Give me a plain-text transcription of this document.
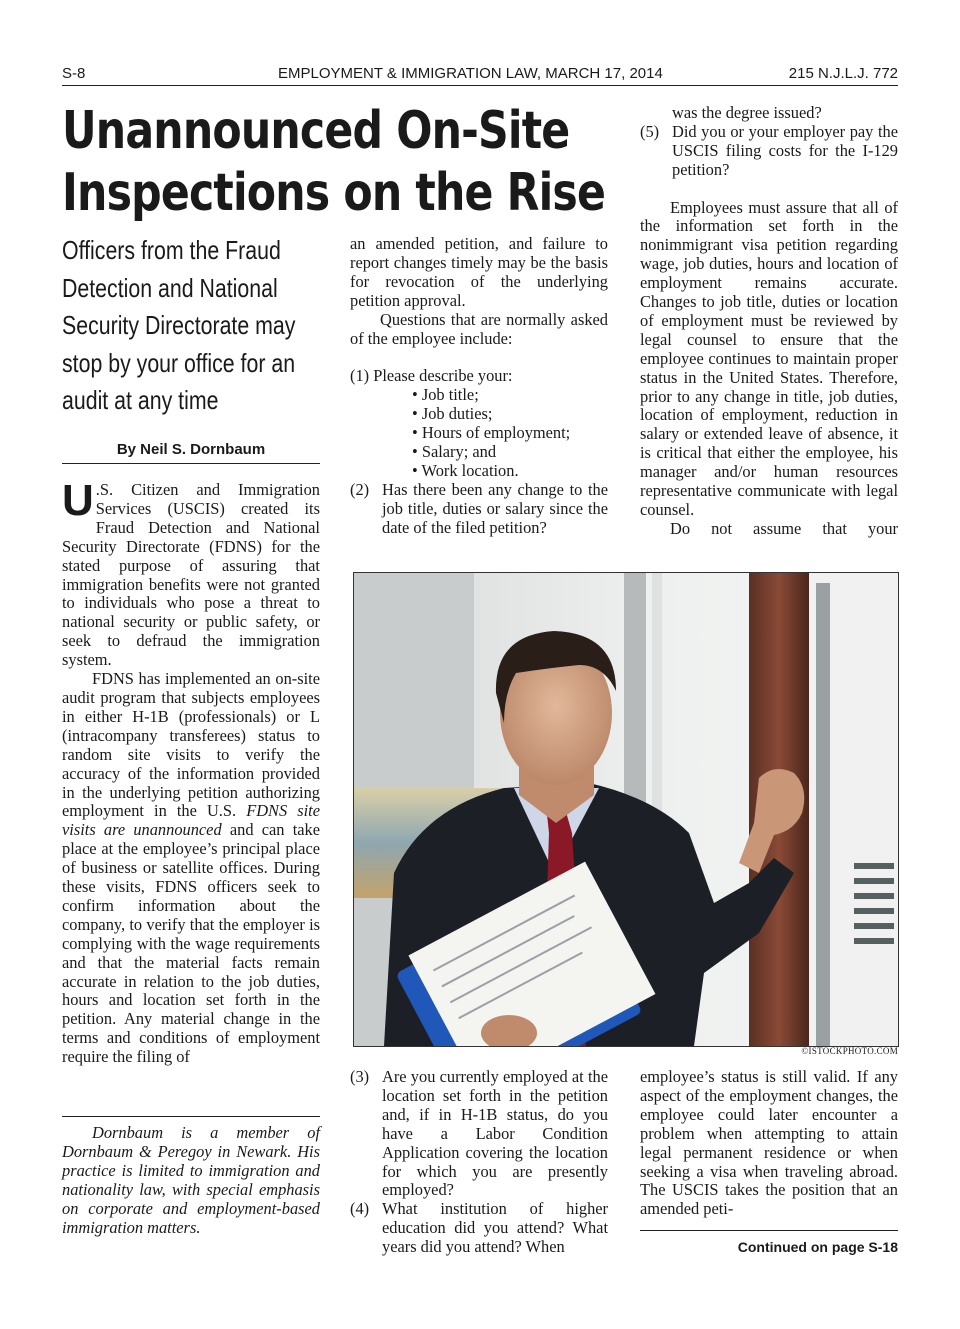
S-8	EMPLOYMENT & IMMIGRATION LAW, MARCH 17, 2014	215 N.J.L.J. 772
Unannounced On-Site
Inspections on the Rise
Officers from the Fraud
Detection and National
Security Directorate may
stop by your office for an
audit at any time
By Neil S. Dornbaum

U .S. Citizen and Immigration Services (USCIS) created its Fraud Detection and National Security Directorate (FDNS) for the stated purpose of assuring that immigration benefits were not granted to individuals who pose a threat to national security or public safety, or seek to defraud the immigration system.

FDNS has implemented an on-site audit program that subjects employees in either H-1B (professionals) or L (intracompany transferees) status to random site visits to verify the accuracy of the information provided in the underlying petition authorizing employment in the U.S. FDNS site visits are unannounced and can take place at the employee’s principal place of business or satellite offices. During these visits, FDNS officers seek to confirm information about the company, to verify that the employer is complying with the wage requirements and that the material facts remain accurate in relation to the job duties, hours and location set forth in the petition. Any material change in the terms and conditions of employment require the filing of

Dornbaum is a member of Dornbaum & Peregoy in Newark. His practice is limited to immigration and nationality law, with special emphasis on corporate and employment-based immigration matters.

an amended petition, and failure to report changes timely may be the basis for revocation of the underlying petition approval.

Questions that are normally asked of the employee include:

(1) Please describe your:

• Job title;

• Job duties;

• Hours of employment;

• Salary; and

• Work location.

(2) Has there been any change to the job title, duties or salary since the date of the filed petition?
was the degree issued?
(5) Did you or your employer pay the USCIS filing costs for the I-129 petition?

Employees must assure that all of the information set forth in the nonimmigrant visa petition regarding wage, job duties, hours and location of employment remains accurate. Changes to job title, duties or location of employment must be reviewed by legal counsel to ensure that the employee continues to maintain proper status in the United States. Therefore, prior to any change in title, job duties, location of employment, reduction in salary or extended leave of absence, it is critical that either the employee, his manager and/or human resources representative communicate with legal counsel.

Do not assume that your

©ISTOCKPHOTO.COM
(3) Are you currently employed at the location set forth in the petition and, if in H-1B status, do you have a Labor Condition Application covering the location for which you are presently employed?
(4) What institution of higher education did you attend? What years did you attend? When

employee’s status is still valid. If any aspect of the employment changes, the employee could later encounter a problem when attempting to attain legal permanent residence or when seeking a visa when traveling abroad. The USCIS takes the position that an amended peti-

Continued on page S-18
